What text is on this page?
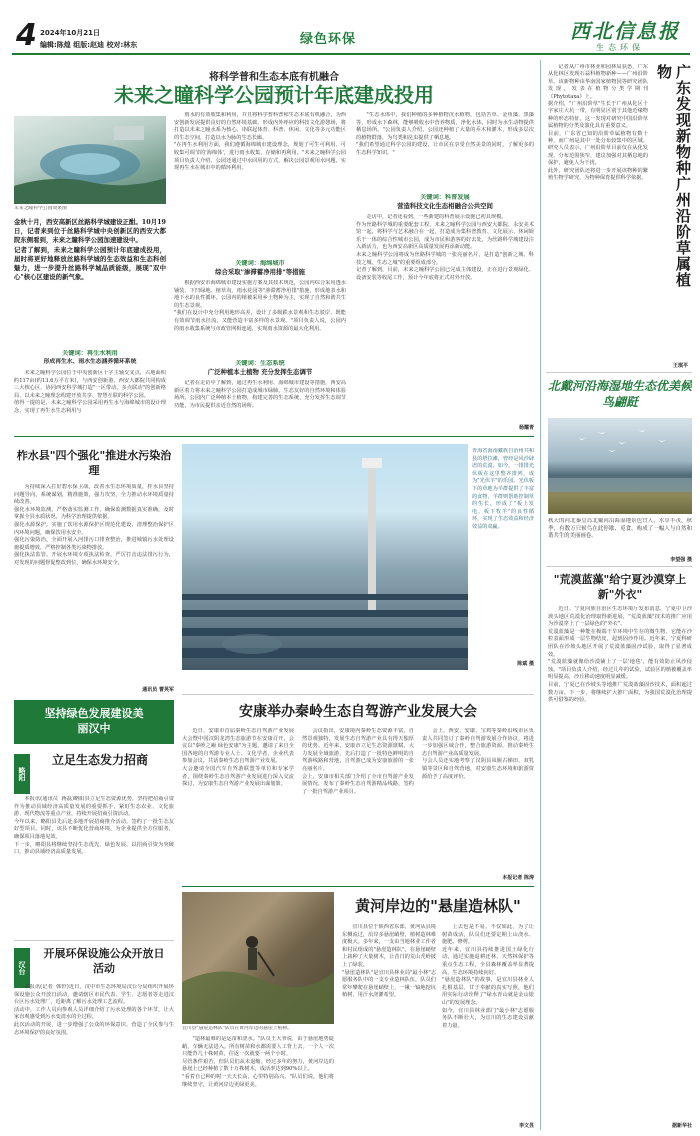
4 2024年10月21日
编辑:陈煌 组版:赵迪 校对:林东	绿色环保	西北信息报
生态环保
将科学普和生态本底有机融合
未来之瞳科学公园预计年底建成投用
未来之瞳科学公园效果图
金秋十月，西安高新区丝路科学城建设正酣。10月19日，记者来到位于丝路科学城中央创新区的西安大都院东侧看到，未来之瞳科学公园加速建设中。
记者了解到，未来之瞳科学公园预计年底建成投用，届时将更好地释放丝路科学城的生态效益和生态科创魅力，进一步提升丝路科学城品质能级，展现"双中心"核心区建设的新气象。
关键词：再生水利用
形成再生水、雨水生态涵养循环系统
未来之瞳科学公园位于中央创新区十字主轴交叉点，占地面积约117亩(约13.6万平方米)，与西安创新港、西安大都院共同构成三大核心区，协同西安科学城打造"一区带动、多点联动"的创新格局，以未来之瞳理念构建开放共享、智慧互联的科学公园。
值得一提的是，未来之瞳科学公园采用再生水与海绵城市的设计理念，实现了再生水生态利用与
雨水的有效收集和利用，并且将科学普科普和生态本底有机融合，为西安创新发展提供良好的自然环境基础。形成内外呼应的科技文化游憩场，将打造以未来之瞳水系为核心、串联起体育、科普、休闲、文化等多元功能区的生态空间，打造以水为脉的生态长廊。
"在再生水利用方面，我们遵循海绵城市建设理念，规划了可生可利用、可收集可调节的'海绵体'，进行雨水收集、存储和再利用。"未来之瞳科学公园项目负责人介绍，公园还通过中水回用的方式，解决公园景观用水问题，实现再生水在城市中的循环利用。
关键词：海绵城市
综合采取"渗滞蓄净用排"等措施
根据西安市海绵城市建设实施方案及其技术规范，公园内综合采用透水铺装、下凹绿地、植草沟、雨水花园等"渗滞蓄净用排"措施，形成地表水和地下水的良性循环。公园内的植被采用乡土物种为主，实现了自然和谐共生的生态景观。
"我们在设计中充分利用地形高差，设计了多级跌水景观和生态驳岸，既能有效调节雨水径流，又能营造丰富多样的水景观。"项目负责人说，公园内的雨水收集系统与市政管网相连通，实现雨水资源的最大化利用。
关键词：生态系统
广泛种植本土植物 充分发挥生态调节
记者在走访中了解到，通过再生水利用、海绵城市建设等措施，西安高新区着力将未来之瞳科学公园打造成城市绿肺，生态友好的自然环境和体验场所。公园内广泛种植本土植物，构建完善的生态系统，充分发挥生态调节功能，为市民提供亲近自然的场所。
"生态水体中，我们种植的多种植物沉水植物，包括苦草、金鱼藻、黑藻等，形成水下森林，能够吸收水中营养物质，净化水体，同时为水生动物提供栖息场所。"公园负责人介绍，公园还种植了大量的乔木和灌木，形成多层次的植物群落，为鸟类和昆虫提供了栖息地。
"我们希望通过科学公园的建设，让市民在享受自然美景的同时，了解更多的生态科学知识。"
关键词：科普发展
营造科技文化生态相融合公共空间
走访中，记者还看到，一些新建的科普展示设施已初具规模。
作为丝路科学城的重要配套工程，未来之瞳科学公园与西安大都院、永安美术馆一起，将科学与艺术融合在一起，打造成为集科普教育、文化展示、休闲娱乐于一体的综合性城市公园，成为市民和游客的好去处，为丝路科学城建设注入新活力，也为西安高新区高质量发展再添新动能。
未来之瞳科学公园将成为丝路科学城的一张亮丽名片，是打造"创新之城、科技之城、生态之城"的重要组成部分。
记者了解到，目前，未来之瞳科学公园已完成主体建设，正在进行景观绿化、设备安装等收尾工作，预计今年底将正式对外开放。
杨耀青
广东发现新物种广州沿阶草属植物
记者从广州市林业和园林局获悉，广东从化林区发现石蒜科植物新种——广州沿阶草。该新物种由华南国家植物园等研究团队发现，发表在植物分类学期刊《Phytotaxa》上。
据介绍，"广州沿阶草"生长于广州从化区十字家庄大坑一带，有明显区别于其他近缘物种的形态特征。这一发现对研究中国沿阶草属植物的分类及演化具有重要意义。
目前，广东省已知的沿阶草属植物有数十种，而广州是其中一处分布较集中的区域。研究人员表示，广州沿阶草目前仅在从化发现，分布范围狭窄，建议加强对其栖息地的保护，避免人为干扰。
此外，研究团队还将进一步开展该物种的繁殖生物学研究，为物种保育提供科学依据。
王琪平
北戴河沿海湿地生态优美候鸟翩跹
秋天的河北秦皇岛北戴河沿海湿地景色宜人，水草丰茂。秋季，有数万只候鸟在此停歇、觅食，构成了一幅人与自然和谐共生的美丽画卷。
李望强 摄
"荒漠蓝藻"给宁夏沙漠穿上新"外衣"
近日，宁夏回族自治区生态环境厅发布消息，宁夏中卫沙坡头地区荒漠化治理取得新进展，"荒漠蓝藻"技术的推广应用为沙漠穿上了一层绿色的"外衣"。
荒漠蓝藻是一种能在极端干旱环境中生存的微生物，它能在沙粒表面形成一层生物结皮，起到固沙作用。近年来，宁夏科研团队在沙坡头地区开展了荒漠蓝藻固沙试验，取得了显著成效。
"荒漠蓝藻就像给沙漠铺上了一层'地毯'，能有效防止风沙侵蚀。"项目负责人介绍，经过几年的试验，试验区的植被覆盖率明显提高，沙丘移动速度明显减缓。
目前，宁夏已在沙坡头等地推广荒漠蓝藻固沙技术，面积超过数万亩。下一步，将继续扩大推广面积，为我国荒漠化治理提供可借鉴的经验。
据新华社
柞水县"四个强化"推进水污染治理
为持续深入打好碧水保卫战，改善水生态环境质量，柞水县坚持问题导向，系统谋划，精准施策，强力攻坚，全力推动水环境质量持续改善。
强化水环境监测。严格落实监测工作，确保监测数据真实准确，及时掌握全县水质状况，为科学治理提供依据。
强化水源保护。实施了饮用水源保护区规范化建设，清理整治保护区内环境问题，确保饮用水安全。
强化污染防治。全面开展入河排污口排查整治，推进城镇污水处理设施提质增效，严格控制各类污染物排放。
强化执法监管。开展水环境专项执法检查，严厉打击违法排污行为，对发现的问题督促整改到位，确保水环境安全。
通讯员 曹英军
青海省海南藏族自治州共和县的塔拉滩，曾经是风沙肆虐的荒漠。如今，一排排光伏板在这里整齐排列，成为"光伏羊"的乐园。光伏板下的草地为羊群提供了丰富的食物，羊群则帮助控制草的生长，形成了"板上发电、板下牧羊"的良性循环，实现了生态效益和经济效益的双赢。
陈斌 摄
坚持绿色发展建设美丽汉中
略阳
立足生态发力招商
本报讯(通讯员  蒋磊)略阳县立足生态资源优势，坚持把招商引资作为推动县域经济高质量发展的重要抓手，紧盯生态农业、文化旅游、现代物流等重点产业，持续开展招商引资活动。
今年以来，略阳县先后赴多地开展招商推介活动，签约了一批生态友好型项目。同时，该县不断优化营商环境，为企业提供全方位服务，确保项目落地见效。
下一步，略阳县将继续坚持生态优先、绿色发展，以招商引资为突破口，推动县域经济高质量发展。
汉台
开展环保设施公众开放日活动
本报讯(记者  韩轩)近日，汉中市生态环境局汉台分局组织开展环保设施公众开放日活动，邀请辖区市民代表、学生、志愿者等走进汉台区污水处理厂，近距离了解污水处理工艺流程。
活动中，工作人员向参观人员详细介绍了污水处理的各个环节，让大家直观感受到污水变清水的全过程。
此次活动的开展，进一步增强了公众的环保意识，营造了全民参与生态环境保护的良好氛围。
安康举办秦岭生态自驾游产业发展大会
近日，安康市首届秦岭生态自驾游产业发展大会暨中国汉阴龙湾生态旅游节在安康召开，会议以"秦岭之巅 绿色安康"为主题，邀请了来自全国各地的自驾游专业人士、文化学者、企业代表参加会议，共话秦岭生态自驾游产业发展。
大会邀请全国汽车自驾游联盟等单位和专家学者，围绕秦岭生态自驾游产业发展进行深入交流探讨，为安康生态自驾游产业发展出谋划策。
会议指出，安康境内秦岭生态资源丰富，自然景观独特，发展生态自驾游产业具有得天独厚的优势。近年来，安康市立足生态资源禀赋，大力发展全域旅游，先后打造了一批特色鲜明的自驾游线路和营地，自驾游已成为安康旅游的一张亮丽名片。
会上，安康市相关部门介绍了全市自驾游产业发展情况，发布了秦岭生态自驾游精品线路，签约了一批自驾游产业项目。
会上，西安、安康、宝鸡等秦岭沿线市区负责人共同签订了秦岭自驾游发展合作协议，将进一步加强区域合作，整合旅游资源，推动秦岭生态自驾游产业高质量发展。
与会人员还实地考察了汉阴县凤堰古梯田、双乳镇等景区和自驾营地，对安康生态环境和旅游资源给予了高度评价。
本报记者 陈涛
宜川县"悬崖造林队"队员在黄河岸边的悬崖上植树。
黄河岸边的"悬崖造林队"
宜川县位于陕西省东部，黄河从县境东侧流过，沿岸多悬崖峭壁，植树造林难度极大。多年来，一支由当地林业工作者和村民组成的"悬崖造林队"，在悬崖峭壁上栽种了大量树木，让昔日的荒山秃岭披上了绿装。
"悬崖造林队"是宜川县林业局"最小林"志愿服务队中的一支专业造林队伍，队员们常年攀爬在悬崖峭壁上，一锹一镐地挖坑植树，用汗水浇灌希望。
"造林最难的是运苗和浇水。"队员王大爷说，由于悬崖地势陡峭，车辆无法进入，所有树苗和水都需要人工背上去。一个人一次只能背几十株树苗，往返一次就要一两个小时。
尽管条件艰苦，但队员们从未退缩。经过多年的努力，黄河岸边的悬崖上已经种植了数十万株树木，成活率达到90%以上。
"看着自己种的树一天天长高，心里特别高兴。"队员们说，他们将继续坚守，让黄河岸边更绿更美。
上去也是不易。不仅如此，为了让树苗成活，队员们还要定期上山浇水、施肥、修剪。
近年来，宜川县持续推进国土绿化行动，通过实施退耕还林、天然林保护等重点生态工程，全县森林覆盖率显著提高，生态环境持续向好。
"悬崖造林队"的故事，是宜川县林业人扎根基层、甘于奉献的真实写照，他们用实际行动诠释了"绿水青山就是金山银山"的发展理念。
如今，宜川县林业部门"最小林"志愿服务队不断壮大，为宜川的生态建设贡献着力量。
李文昱
